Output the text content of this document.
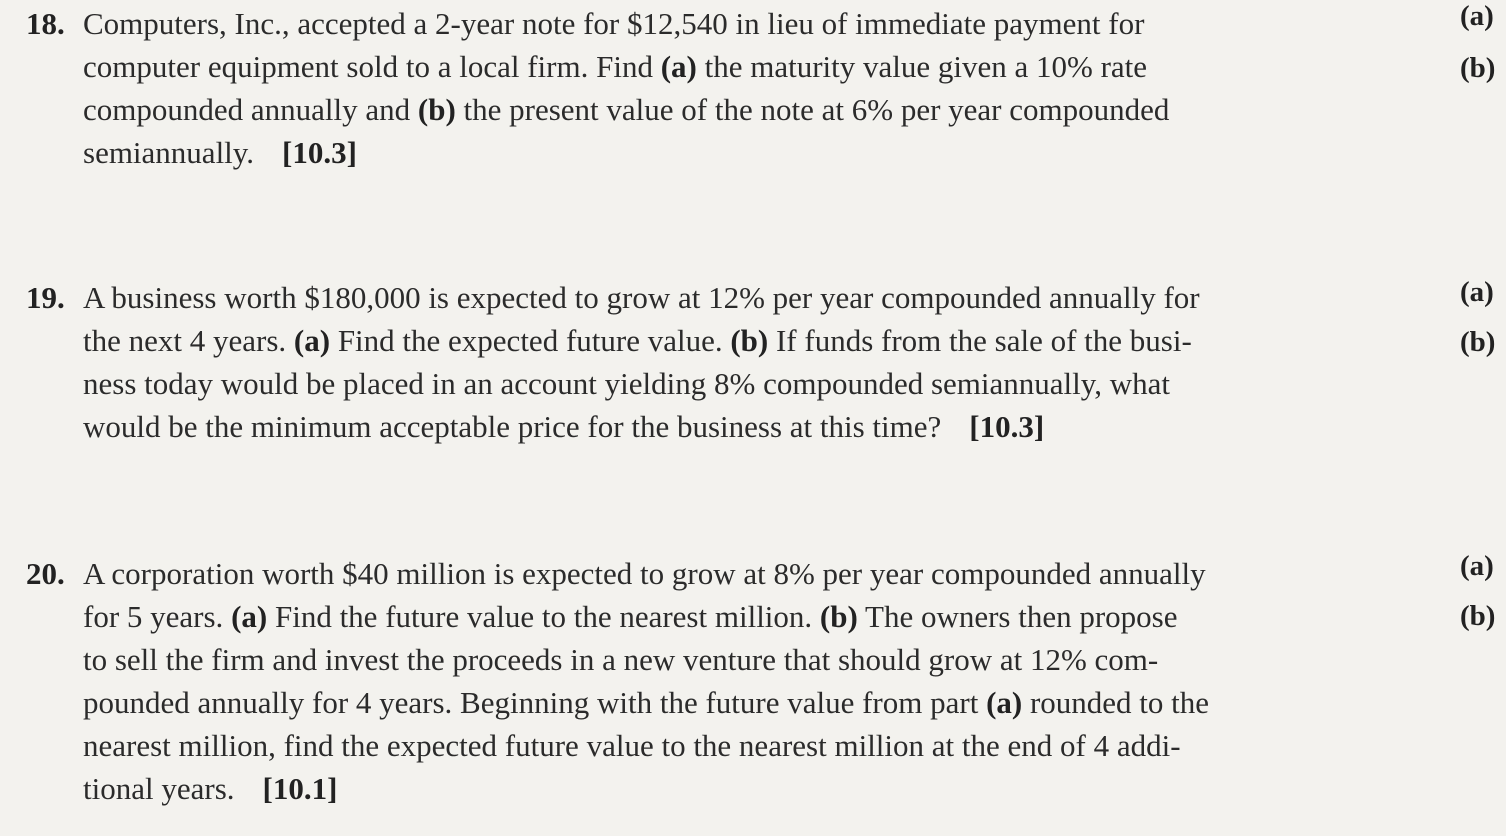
18. Computers, Inc., accepted a 2-year note for $12,540 in lieu of immediate payment for
computer equipment sold to a local firm. Find (a) the maturity value given a 10% rate
compounded annually and (b) the present value of the note at 6% per year compounded
semiannually. [10.3]
(a)
(b)
19. A business worth $180,000 is expected to grow at 12% per year compounded annually for
the next 4 years. (a) Find the expected future value. (b) If funds from the sale of the busi-
ness today would be placed in an account yielding 8% compounded semiannually, what
would be the minimum acceptable price for the business at this time? [10.3]
(a)
(b)
20. A corporation worth $40 million is expected to grow at 8% per year compounded annually
for 5 years. (a) Find the future value to the nearest million. (b) The owners then propose
to sell the firm and invest the proceeds in a new venture that should grow at 12% com-
pounded annually for 4 years. Beginning with the future value from part (a) rounded to the
nearest million, find the expected future value to the nearest million at the end of 4 addi-
tional years. [10.1]
(a)
(b)
